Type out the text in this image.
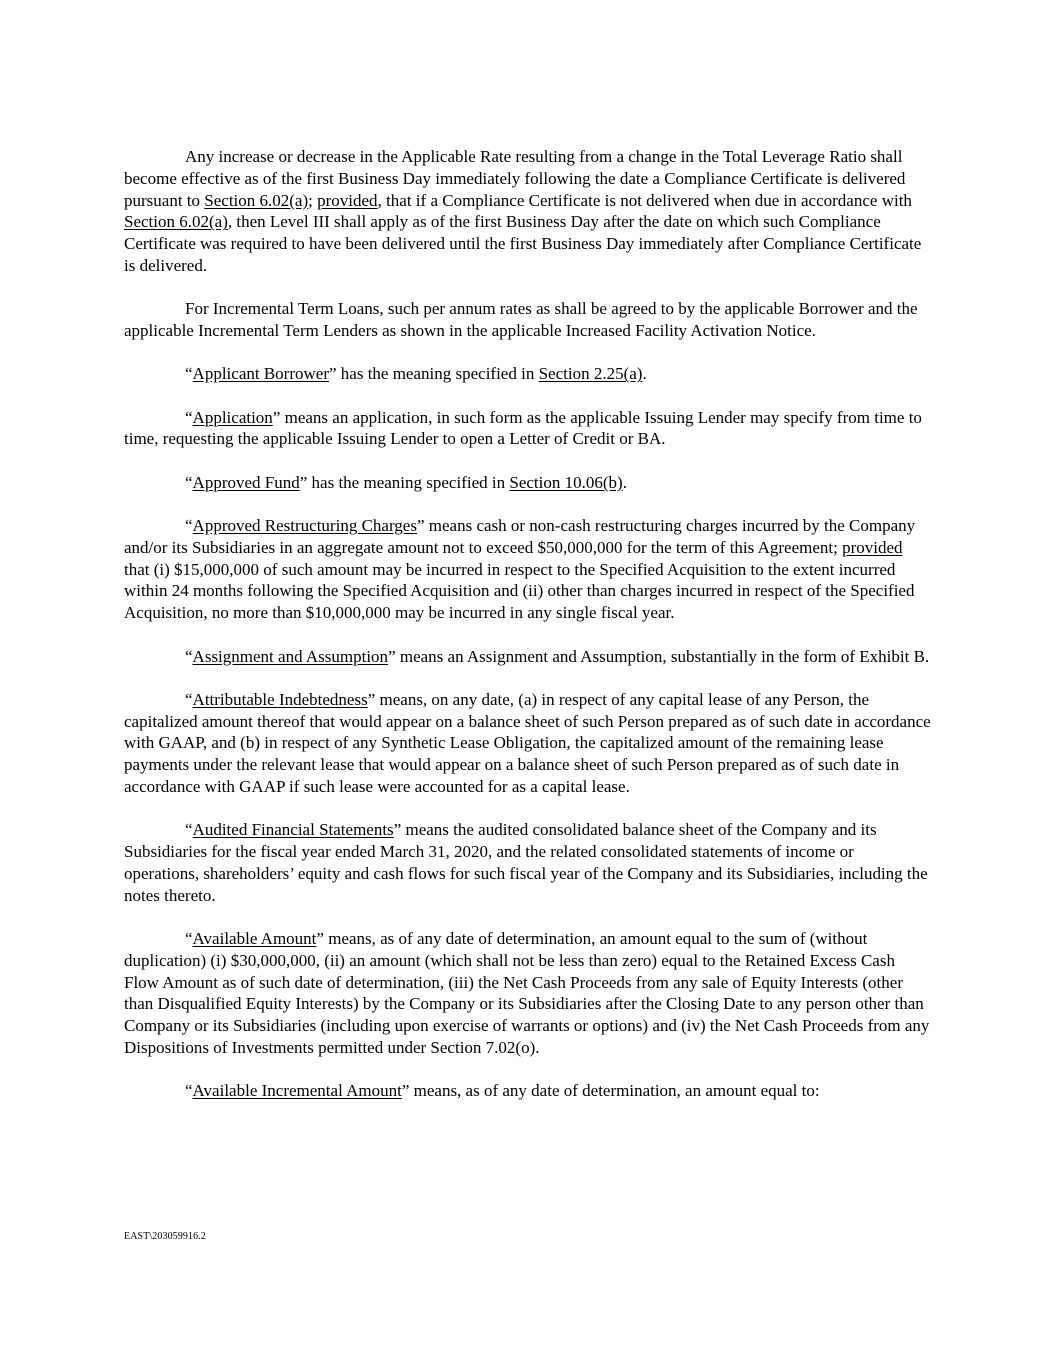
Any increase or decrease in the Applicable Rate resulting from a change in the Total Leverage Ratio shall become effective as of the first Business Day immediately following the date a Compliance Certificate is delivered pursuant to Section 6.02(a); provided, that if a Compliance Certificate is not delivered when due in accordance with Section 6.02(a), then Level III shall apply as of the first Business Day after the date on which such Compliance Certificate was required to have been delivered until the first Business Day immediately after Compliance Certificate is delivered.

For Incremental Term Loans, such per annum rates as shall be agreed to by the applicable Borrower and the applicable Incremental Term Lenders as shown in the applicable Increased Facility Activation Notice.

“Applicant Borrower” has the meaning specified in Section 2.25(a).

“Application” means an application, in such form as the applicable Issuing Lender may specify from time to time, requesting the applicable Issuing Lender to open a Letter of Credit or BA.

“Approved Fund” has the meaning specified in Section 10.06(b).

“Approved Restructuring Charges” means cash or non-cash restructuring charges incurred by the Company and/or its Subsidiaries in an aggregate amount not to exceed $50,000,000 for the term of this Agreement; provided that (i) $15,000,000 of such amount may be incurred in respect to the Specified Acquisition to the extent incurred within 24 months following the Specified Acquisition and (ii) other than charges incurred in respect of the Specified Acquisition, no more than $10,000,000 may be incurred in any single fiscal year.

“Assignment and Assumption” means an Assignment and Assumption, substantially in the form of Exhibit B.

“Attributable Indebtedness” means, on any date, (a) in respect of any capital lease of any Person, the capitalized amount thereof that would appear on a balance sheet of such Person prepared as of such date in accordance with GAAP, and (b) in respect of any Synthetic Lease Obligation, the capitalized amount of the remaining lease payments under the relevant lease that would appear on a balance sheet of such Person prepared as of such date in accordance with GAAP if such lease were accounted for as a capital lease.

“Audited Financial Statements” means the audited consolidated balance sheet of the Company and its Subsidiaries for the fiscal year ended March 31, 2020, and the related consolidated statements of income or operations, shareholders’ equity and cash flows for such fiscal year of the Company and its Subsidiaries, including the notes thereto.

“Available Amount” means, as of any date of determination, an amount equal to the sum of (without duplication) (i) $30,000,000, (ii) an amount (which shall not be less than zero) equal to the Retained Excess Cash Flow Amount as of such date of determination, (iii) the Net Cash Proceeds from any sale of Equity Interests (other than Disqualified Equity Interests) by the Company or its Subsidiaries after the Closing Date to any person other than Company or its Subsidiaries (including upon exercise of warrants or options) and (iv) the Net Cash Proceeds from any Dispositions of Investments permitted under Section 7.02(o).

“Available Incremental Amount” means, as of any date of determination, an amount equal to:

EAST\203059916.2
